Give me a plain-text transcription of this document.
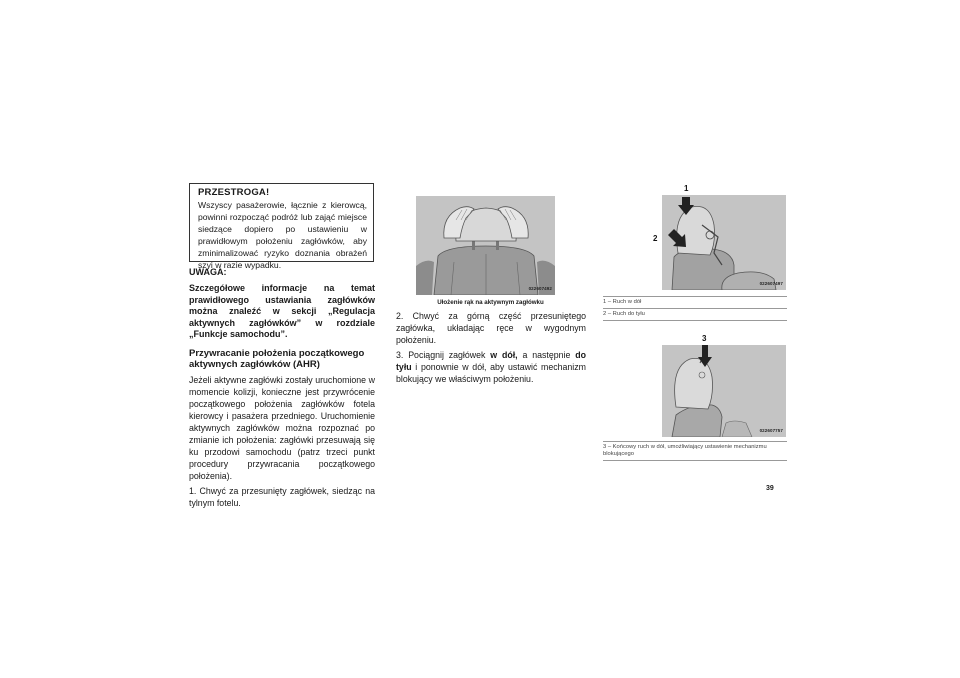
PRZESTROGA!

Wszyscy pasażerowie, łącznie z kierowcą, powinni rozpocząć podróż lub zająć miejsce siedzące dopiero po ustawieniu w prawidłowym położeniu zagłówków, aby zminimalizować ryzyko doznania obrażeń szyi w razie wypadku.

UWAGA:

Szczegółowe informacje na temat prawidłowego ustawiania zagłówków można znaleźć w sekcji „Regulacja aktywnych zagłówków” w rozdziale „Funkcje samochodu”.

Przywracanie położenia początkowego aktywnych zagłówków (AHR)

Jeżeli aktywne zagłówki zostały uruchomione w momencie kolizji, konieczne jest przywrócenie początkowego położenia zagłówków fotela kierowcy i pasażera przedniego. Uruchomienie aktywnych zagłówków można rozpoznać po zmianie ich położenia: zagłówki przesuwają się ku przodowi samochodu (patrz trzeci punkt procedury przywracania początkowego położenia).

1. Chwyć za przesunięty zagłówek, siedząc na tylnym fotelu.

022607492
Ułożenie rąk na aktywnym zagłówku

2. Chwyć za górną część przesuniętego zagłówka, układając ręce w wygodnym położeniu.

3. Pociągnij zagłówek w dół, a następnie do tyłu i ponownie w dół, aby ustawić mechanizm blokujący we właściwym położeniu.

022607497
1
2
1 – Ruch w dół
2 – Ruch do tyłu
022607757
3
3 – Końcowy ruch w dół, umożliwiający ustawienie mechanizmu blokującego
39
